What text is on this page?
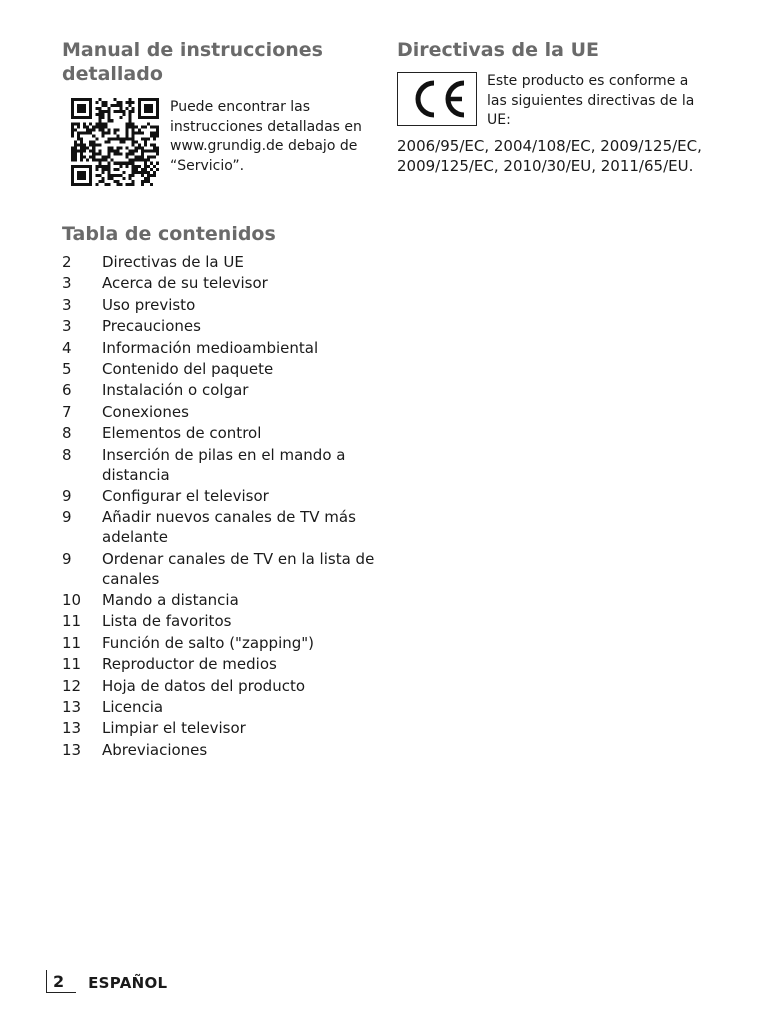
Manual de instrucciones detallado
Puede encontrar las instrucciones detalladas en www.grundig.de debajo de “Servicio”.
Directivas de la UE
Este producto es conforme a las siguientes directivas de la UE:
2006/95/EC, 2004/108/EC, 2009/125/EC, 2009/125/EC, 2010/30/EU, 2011/65/EU.
Tabla de contenidos
2	Directivas de la UE
3	Acerca de su televisor
3	Uso previsto
3	Precauciones
4	Información medioambiental
5	Contenido del paquete
6	Instalación o colgar
7	Conexiones
8	Elementos de control
8	Inserción de pilas en el mando a distancia
9	Configurar el televisor
9	Añadir nuevos canales de TV más adelante
9	Ordenar canales de TV en la lista de canales
10	Mando a distancia
11	Lista de favoritos
11	Función de salto ("zapping")
11	Reproductor de medios
12	Hoja de datos del producto
13	Licencia
13	Limpiar el televisor
13	Abreviaciones
2	ESPAÑOL
